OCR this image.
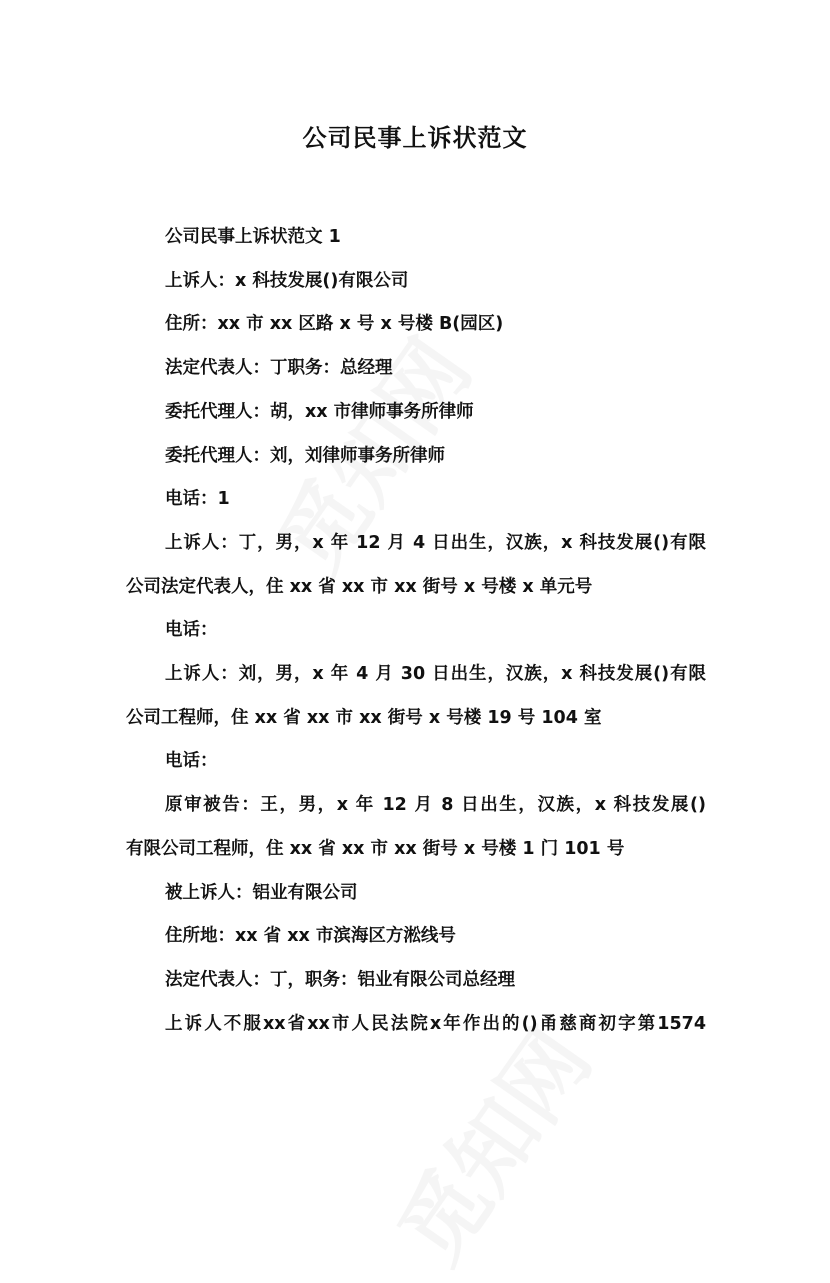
公司民事上诉状范文

公司民事上诉状范文 1

上诉人：x 科技发展()有限公司

住所：xx 市 xx 区路 x 号 x 号楼 B(园区)

法定代表人：丁职务：总经理

委托代理人：胡，xx 市律师事务所律师

委托代理人：刘，刘律师事务所律师

电话：1

上诉人：丁，男，x 年 12 月 4 日出生，汉族，x 科技发展()有限

公司法定代表人，住 xx 省 xx 市 xx 街号 x 号楼 x 单元号

电话：

上诉人：刘，男，x 年 4 月 30 日出生，汉族，x 科技发展()有限

公司工程师，住 xx 省 xx 市 xx 街号 x 号楼 19 号 104 室

电话：

原审被告：王，男，x 年 12 月 8 日出生，汉族，x 科技发展()

有限公司工程师，住 xx 省 xx 市 xx 街号 x 号楼 1 门 101 号

被上诉人：铝业有限公司

住所地：xx 省 xx 市滨海区方淞线号

法定代表人：丁，职务：铝业有限公司总经理

上诉人不服xx省xx市人民法院x年作出的()甬慈商初字第1574
